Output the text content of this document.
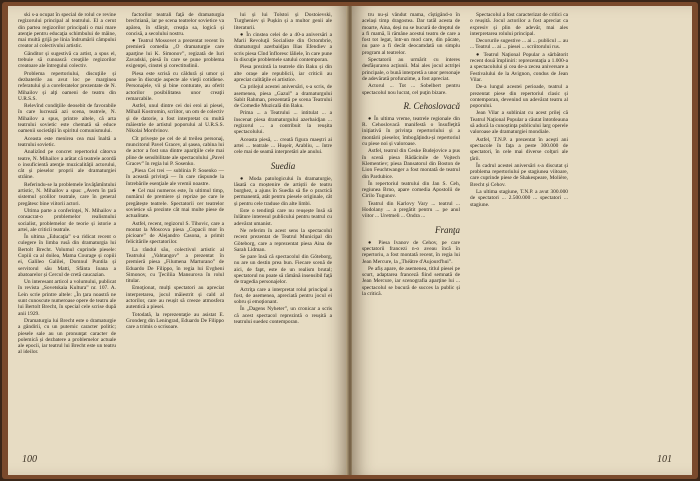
ski s-a ocupat în special de rolul ce revine regizorului principal al teatrului. El a cerut din partea regizorilor principali o mai mare atenţie pentru educaţia schimbului de mâine, mai multă grijă pe linia îndrumării câmpului creator al colectivului artistic.

Gânditor și sugestivă ca artist, a spus el, trebuie să cunoască creaţiile regizorilor creatoare ale întregului colectiv.

Problema repertoriului, discuţiile și dezbaterile au avut loc pe marginea referatului și a coreferatelor prezentate de N. Mihailov și alţi oameni de teatru din U.R.S.S.

Relevînd condiţiile deosebit de favorabile în care lucrează azi scena, teatrele, N. Mihailov a spus, printre altele, că arta teatrului sovietic este chemată să educe oamenii societăţii în spiritul comunismului.

Aceasta este menirea cea mai înaltă a teatrului sovietic.

Analizînd pe concret repertoriul câtorva teatre, N. Mihailov a arătat că teatrele acordă o insuficientă atenţie muzicalităţii actorului, cât și pieselor proprii ale dramaturgiei străine.

Referindu-se la problemele învăţămîntului artistic, N. Mihailov a spus: „Avem în ţară sistemul școlilor teatrale, care în general pregătesc bine viitorii actori.

Ultima parte a conferinţei, N. Mihailov a consacrat-o problemelor realismului socialist, problemelor de teorie și istorie a artei, ale criticii teatrale.

În ultima „Educaţia” s-a ridicat recent o culegere în limba rusă din dramaturgia lui Bertolt Brecht. Volumul cuprinde piesele: Copiii ca al doilea, Mama Courage și copiii ei, Galileo Galilei, Domnul Puntila și servitorul său Matti, Sfânta Ioana a abatoarelor și Cercul de cretă caucazian.

Un interesant articol a volumului, publicat în revista „Sovetskaia Kultura” nr. 107. A. Lein scrie printre altele: „În ţara noastră ne sunt cunoscute numeroase opere de teatru ale lui Bertolt Brecht, în special cele scrise după anii 1929.

Dramaturgia lui Brecht este o dramaturgie a gândirii, cu un puternic caracter politic; piesele sale au un pronunţat caracter de polemică și dezbatere a problemelor actuale ale epocii, iar teatrul lui Brecht este un teatru al ideilor.

factorilor teatrali faţă de dramaturgia brechtiană, iar pe scena teatrelor sovietice va apărea, în sfârșit, creaţia sa, logică și concisă, a secolului nostru.

● Teatrul Mossovet a prezentat recent în premieră comedia „O dramaturgie care aparţine lui K. Simonov”, regizată de Iuri Zavadski, piesă în care se pune problema exigenţei, cinstei și corectitudinii.

Piesa este scrisă cu căldură și umor și pune în discuţie aspecte ale vieţii cotidiene. Personajele, vii și bine conturate, au oferit actorilor posibilitatea unor creaţii remarcabile.

Astfel, unul dintre cei doi eroi ai piesei, Mihail Kostromin, scriitor, un om de colectiv și de datorie, a fost interpretat cu multă măiestrie de artistul poporului al U.R.S.S. Nikolai Mordvinov.

Cît privește pe cel de al treilea personaj, muncitorul Pavel Gracev, al șasea, cabina lui de actor a fost una dintre apariţiile cele mai pline de sensibilitate ale spectacolului „Pavel Gracev” în regia lui P. Sosenko.

„Piesa Cei trei — sublinia P. Sosenko — în această privinţă — în care răspunde la întrebările esenţiale ale vremii noastre.

● Cel mai numeros este, în ultimul timp, numărul de premiere și reprize pe care le pregătește teatrele. Spectatorii cer teatrelor sovietice să prezinte cât mai multe piese de actualitate.

Astfel, recent, regizorul S. Tihovic, care a montat la Moscova piesa „Copacii mor în picioare” de Alejandro Casona, a primit felicitările spectatorilor.

La rândul său, colectivul artistic al Teatrului „Vahtangov” a prezentat în premieră piesa „Filumena Marturano” de Eduardo De Filippo, în regia lui Evgheni Simonov, cu Ţeciliia Mansurova în rolul titular.

Emoţionat, mulţi spectatori au apreciat interpretarea, jocul măiestrit și cald al actorilor, care au reușit să creeze atmosfera autentică a piesei.

Totodată, la reprezentaţie au asistat E. Gronderg din Leningrad, Eduardo De Filippo care a trimis o scrisoare.

lui și lui Tolstoi și Dostoievski, Turgheniev și Pușkin și a multor genii ale literaturii.

● În cinstea celei de a 40-a aniversări a Marii Revoluţii Socialiste din Octombrie, dramaturgul azerbaidjan Ilias Efendiev a scris piesa Cînd înfloresc lăliele, în care pune în discuţie problemele satului contemporan.

Piesa prezintă la teatrele din Baku și din alte orașe ale republicii, iar criticii au apreciat calităţile ei artistice.

Ca prilejul acestei aniversări, s-a scris, de asemenea, piesa „Gazul” a dramaturgului Sabit Rahman, prezentată pe scena Teatrului de Comedie Muzicală din Baku.

Prima ... a Teatrului ... intitulat ... a înscenat piesa dramaturgului azerbaidjan ... regizorul ... a contribuit la reușita spectacolului.

Aceasta piesă, ... creată figura maeștri ai artei ... teatrale ... Hușeir, Arabliu, ... între cele mai de seamă interpretări ale anului.

Suedia

● Moda patologicului în dramaturgie, lăsată ca moștenire de artiștii de teatru burghez, a ajuns în Suedia să fie o practică permanentă, atât pentru piesele originale, cât și pentru cele traduse din alte limbi.

Este o tendinţă care nu reușește însă să înlăture interesul publicului pentru teatrul cu adevărat umanist.

Ne referim în acest sens la spectacolul recent prezentat de Teatrul Municipal din Göteborg, care a reprezentat piesa Aina de Sarah Lidman.

Se pare însă că spectacolul din Göteborg, nu are un destin prea bun. Fiecare scenă de aici, de fapt, este de un realism brutal; spectatorul nu poate să rămână insensibil faţă de tragedia personajelor.

Actriţa care a interpretat rolul principal a fost, de asemenea, apreciată pentru jocul ei sobru și emoţionant.

În „Dagens Nyheter”, un cronicar a scris că acest spectacol reprezintă o reușită a teatrului suedez contemporan.

100

tru nu-și vândut mama, cîștigând-o în același timp dragostea. Dar tatăl acesta de moarte, Aina, deși nu se bucură de dreptul de a fi mamă, îi rămâne acestui teatru de care a fost tot legat, într-un mod care, din păcate, nu pare a fi decât deocamdată un simplu program al teatrelor.

Spectatorii au urmărit cu interes desfășurarea acţiunii. Mai ales jocul actriţei principale, o bună interpretă a unor personaje de adevărată profunzime, a fost apreciat.

Actorul ... Tot ... Sobelbert pentru spectacolul nou lucrat, cel puţin bizare.

R. Cehoslovacă

● În ultima vreme, teatrele regionale din R. Cehoslovacă manifestă o însufleţită iniţiativă în privinţa repertoriului și a montării pieselor, îmbogăţindu-și repertoriul cu piese noi și valoroase.

Astfel, teatrul din Ceske Budejovice a pus în scenă piesa Rădăcinile de Vojtech Klementiev; piesa Dansatorul din Boston de Lion Feuchtwanger a fost montată de teatrul din Pardubice.

În repertoriul teatrului din Jan S. Ceh, regiunea Brno, apare comedia Apostolii de Cirilo Tugunov.

Teatrul din Karlovy Vary ... teatrul ... Hodolany ... a pregătit pentru ... pe anul viitor ... Uretmeli ... Ondra ...

Franţa

● Piesa Ivanov de Cehov, pe care spectatorii francezi n-o aveau încă în repertoriu, a fost montată recent, în regia lui Jean Mercure, la „Théâtre d'Aujourd'hui”.

Pe afiș apare, de asemenea, titlul piesei pe scurt, adaptarea franceză fiind semnată de Jean Mercure, iar scenografia aparţine lui ... spectacolul se bucură de succes la public și la critică.

Spectacolul a fost caracterizat de critici ca o reușită. Jocul actorilor a fost apreciat ca expresiv și plin de adevăr, mai ales interpretarea rolului principal.

Decorurile sugestive ... ai ... publicul ... au ... Teatrul ... ai ... piesei ... scriitorului rus.

● Teatrul Naţional Popular a sărbătorit recent două împliniri: reprezentaţia a 1.000-a a spectacolului și cea de-a zecea aniversare a Festivalului de la Avignon, condus de Jean Vilar.

De-a lungul acestei perioade, teatrul a prezentat piese din repertoriul clasic și contemporan, devenind un adevărat teatru al poporului.

Jean Vilar a subliniat cu acest prilej că Teatrul Naţional Popular a căutat întotdeauna să aducă la cunoștinţa publicului larg operele valoroase ale dramaturgiei mondiale.

Astfel, T.N.P. a prezentat în acești ani spectacole în faţa a peste 300.000 de spectatori, în cele mai diverse colţuri ale ţării.

În cadrul acestei aniversări s-a discutat și problema repertoriului pe stagiunea viitoare, care cuprinde piese de Shakespeare, Molière, Brecht și Cehov.

La ultima stagiune, T.N.P. a avut 300.000 de spectatori ... 2.500.000 ... spectatori ... stagiune.

101
